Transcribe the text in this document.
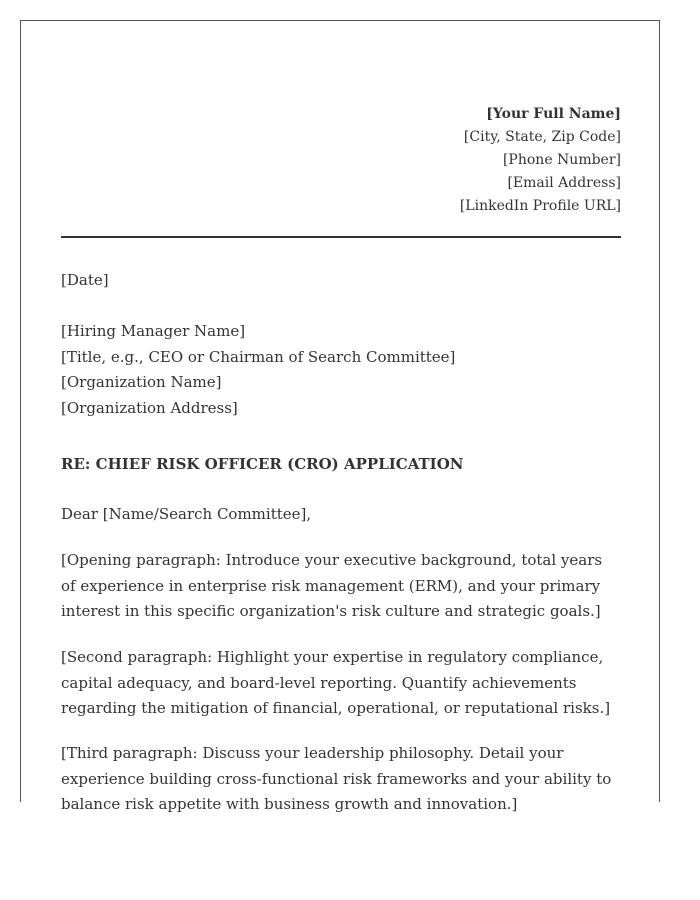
[Your Full Name]
[City, State, Zip Code]
[Phone Number]
[Email Address]
[LinkedIn Profile URL]

[Date]

[Hiring Manager Name]
[Title, e.g., CEO or Chairman of Search Committee]
[Organization Name]
[Organization Address]

RE: CHIEF RISK OFFICER (CRO) APPLICATION

Dear [Name/Search Committee],

[Opening paragraph: Introduce your executive background, total years of experience in enterprise risk management (ERM), and your primary interest in this specific organization's risk culture and strategic goals.]

[Second paragraph: Highlight your expertise in regulatory compliance, capital adequacy, and board-level reporting. Quantify achievements regarding the mitigation of financial, operational, or reputational risks.]

[Third paragraph: Discuss your leadership philosophy. Detail your experience building cross-functional risk frameworks and your ability to balance risk appetite with business growth and innovation.]
